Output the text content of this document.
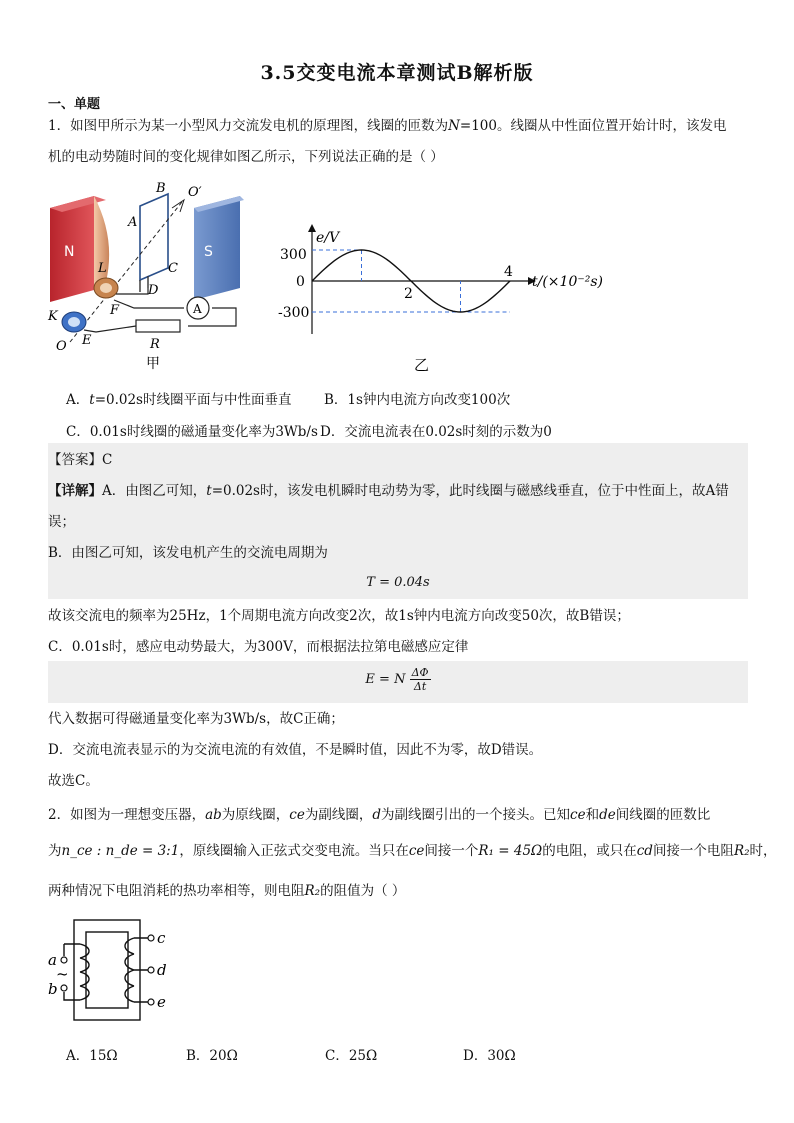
3.5交变电流本章测试B解析版
一、单题
1．如图甲所示为某一小型风力交流发电机的原理图，线圈的匝数为N=100。线圈从中性面位置开始计时，该发电
机的电动势随时间的变化规律如图乙所示，下列说法正确的是（ ）
N	S
A
B O′
A
C
D
L
F
K
E
O	R
甲
e/V
t/(×10⁻²s)
300
0
-300
2
4
乙
A．t=0.02s时线圈平面与中性面垂直 B．1s钟内电流方向改变100次
C．0.01s时线圈的磁通量变化率为3Wb/s D．交流电流表在0.02s时刻的示数为0
【答案】C
【详解】A．由图乙可知，t=0.02s时，该发电机瞬时电动势为零，此时线圈与磁感线垂直，位于中性面上，故A错
误；
B．由图乙可知，该发电机产生的交流电周期为
T = 0.04s
故该交流电的频率为25Hz，1个周期电流方向改变2次，故1s钟内电流方向改变50次，故B错误；
C．0.01s时，感应电动势最大，为300V，而根据法拉第电磁感应定律
E = N $\frac{\Delta\Phi}{\Delta t}$
代入数据可得磁通量变化率为3Wb/s，故C正确；
D．交流电流表显示的为交流电流的有效值，不是瞬时值，因此不为零，故D错误。
故选C。
2．如图为一理想变压器，ab为原线圈，ce为副线圈，d为副线圈引出的一个接头。已知ce和de间线圈的匝数比
为n_ce : n_de = 3:1，原线圈输入正弦式交变电流。当只在ce间接一个R₁ = 45Ω的电阻，或只在cd间接一个电阻R₂时，
两种情况下电阻消耗的热功率相等，则电阻R₂的阻值为（ ）
a
~
b
c
d
e
A．15Ω	B．20Ω	C．25Ω	D．30Ω
